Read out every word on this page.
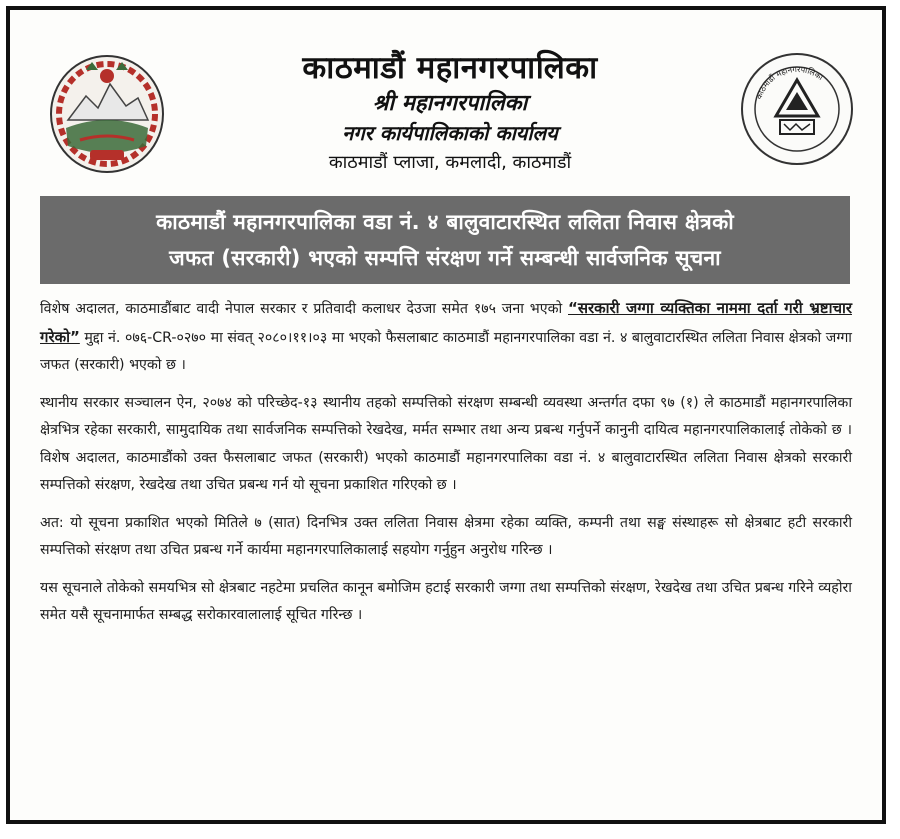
काठमाडौं महानगरपालिका
श्री महानगरपालिका
नगर कार्यपालिकाको कार्यालय
काठमाडौं प्लाजा, कमलादी, काठमाडौं
काठमाडौं महानगरपालिका
काठमाडौं महानगरपालिका वडा नं. ४ बालुवाटारस्थित ललिता निवास क्षेत्रको
जफत (सरकारी) भएको सम्पत्ति संरक्षण गर्ने सम्बन्धी सार्वजनिक सूचना

विशेष अदालत, काठमाडौंबाट वादी नेपाल सरकार र प्रतिवादी कलाधर देउजा समेत १७५ जना भएको “सरकारी जग्गा व्यक्तिका नाममा दर्ता गरी भ्रष्टाचार गरेको” मुद्दा नं. ०७६-CR-०२७० मा संवत् २०८०।११।०३ मा भएको फैसलाबाट काठमाडौं महानगरपालिका वडा नं. ४ बालुवाटारस्थित ललिता निवास क्षेत्रको जग्गा जफत (सरकारी) भएको छ ।

स्थानीय सरकार सञ्चालन ऐन, २०७४ को परिच्छेद-१३ स्थानीय तहको सम्पत्तिको संरक्षण सम्बन्धी व्यवस्था अन्तर्गत दफा ९७ (१) ले काठमाडौं महानगरपालिका क्षेत्रभित्र रहेका सरकारी, सामुदायिक तथा सार्वजनिक सम्पत्तिको रेखदेख, मर्मत सम्भार तथा अन्य प्रबन्ध गर्नुपर्ने कानुनी दायित्व महानगरपालिकालाई तोकेको छ । विशेष अदालत, काठमाडौंको उक्त फैसलाबाट जफत (सरकारी) भएको काठमाडौं महानगरपालिका वडा नं. ४ बालुवाटारस्थित ललिता निवास क्षेत्रको सरकारी सम्पत्तिको संरक्षण, रेखदेख तथा उचित प्रबन्ध गर्न यो सूचना प्रकाशित गरिएको छ ।

अत: यो सूचना प्रकाशित भएको मितिले ७ (सात) दिनभित्र उक्त ललिता निवास क्षेत्रमा रहेका व्यक्ति, कम्पनी तथा सङ्घ संस्थाहरू सो क्षेत्रबाट हटी सरकारी सम्पत्तिको संरक्षण तथा उचित प्रबन्ध गर्ने कार्यमा महानगरपालिकालाई सहयोग गर्नुहुन अनुरोध गरिन्छ ।

यस सूचनाले तोकेको समयभित्र सो क्षेत्रबाट नहटेमा प्रचलित कानून बमोजिम हटाई सरकारी जग्गा तथा सम्पत्तिको संरक्षण, रेखदेख तथा उचित प्रबन्ध गरिने व्यहोरा समेत यसै सूचनामार्फत सम्बद्ध सरोकारवालालाई सूचित गरिन्छ ।
